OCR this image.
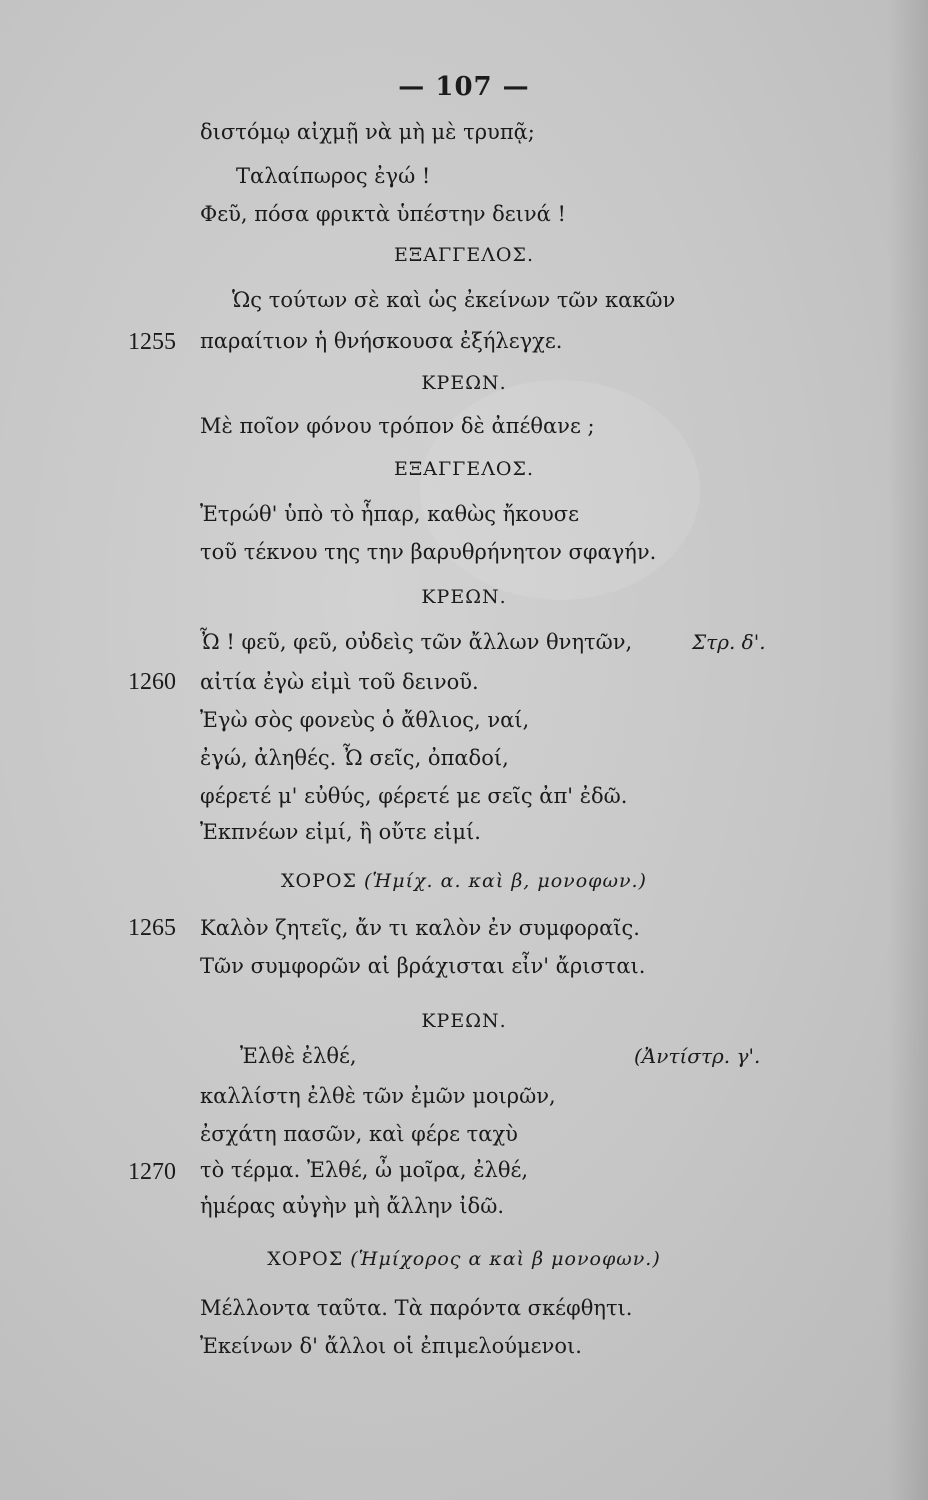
— 107 —
διστόμῳ αἰχμῇ νὰ μὴ μὲ τρυπᾷ;
Ταλαίπωρος ἐγώ !
Φεῦ, πόσα φρικτὰ ὑπέστην δεινά !
ΕΞΑΓΓΕΛΟΣ.
Ὡς τούτων σὲ καὶ ὡς ἐκείνων τῶν κακῶν
1255 παραίτιον ἡ θνήσκουσα ἐξήλεγχε.
ΚΡΕΩΝ.
Μὲ ποῖον φόνου τρόπον δὲ ἀπέθανε ;
ΕΞΑΓΓΕΛΟΣ.
Ἐτρώθ' ὑπὸ τὸ ἧπαρ, καθὼς ἤκουσε
τοῦ τέκνου της την βαρυθρήνητον σφαγήν.
ΚΡΕΩΝ.
Ὦ ! φεῦ, φεῦ, οὐδεὶς τῶν ἄλλων θνητῶν,	Στρ. δ'.
1260 αἰτία ἐγὼ εἰμὶ τοῦ δεινοῦ.
Ἐγὼ σὸς φονεὺς ὁ ἄθλιος, ναί,
ἐγώ, ἀληθές. Ὦ σεῖς, ὀπαδοί,
φέρετέ μ' εὐθύς, φέρετέ με σεῖς ἀπ' ἐδῶ.
Ἐκπνέων εἰμί, ἢ οὔτε εἰμί.
ΧΟΡΟΣ (Ἡμίχ. α. καὶ β, μονοφων.)
1265 Καλὸν ζητεῖς, ἄν τι καλὸν ἐν συμφοραῖς.
Τῶν συμφορῶν αἱ βράχισται εἶν' ἄρισται.
ΚΡΕΩΝ.
Ἐλθὲ ἐλθέ,	(Ἀντίστρ. γ'.
καλλίστη ἐλθὲ τῶν ἐμῶν μοιρῶν,
ἐσχάτη πασῶν, καὶ φέρε ταχὺ
1270 τὸ τέρμα. Ἐλθέ, ὦ μοῖρα, ἐλθέ,
ἡμέρας αὐγὴν μὴ ἄλλην ἰδῶ.
ΧΟΡΟΣ (Ἡμίχορος α καὶ β μονοφων.)
Μέλλοντα ταῦτα. Τὰ παρόντα σκέφθητι.
Ἐκείνων δ' ἄλλοι οἱ ἐπιμελούμενοι.
